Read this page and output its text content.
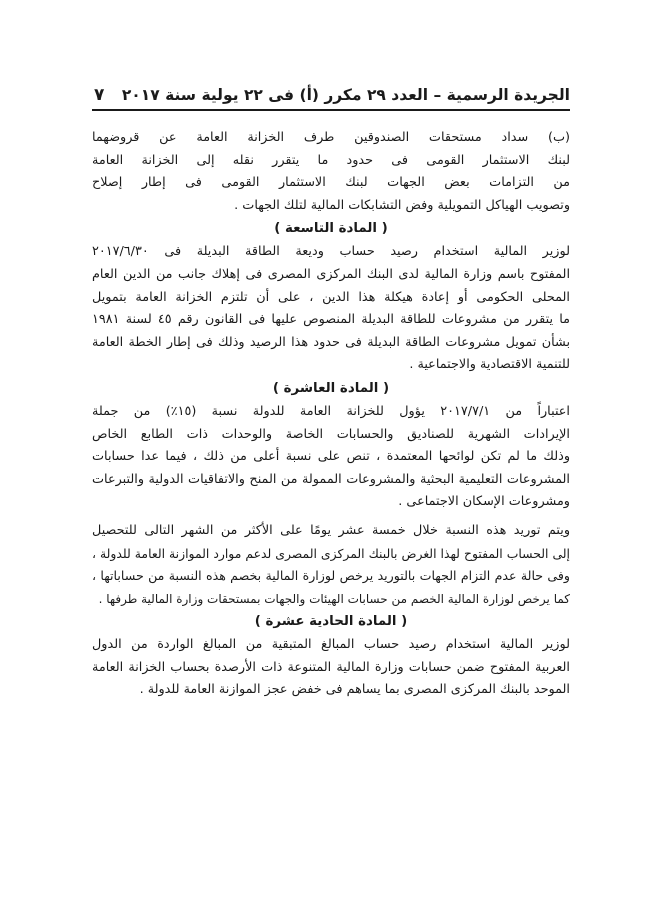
الجريدة الرسمية – العدد ٢٩ مكرر (أ) فى ٢٢ يولية سنة ٢٠١٧
٧

(ب) سداد مستحقات الصندوقين طرف الخزانة العامة عن قروضهما
لبنك الاستثمار القومى فى حدود ما يتقرر نقله إلى الخزانة العامة
من التزامات بعض الجهات لبنك الاستثمار القومى فى إطار إصلاح
وتصويب الهياكل التمويلية وفض التشابكات المالية لتلك الجهات .

( المادة التاسعة )

لوزير المالية استخدام رصيد حساب وديعة الطاقة البديلة فى ٢٠١٧/٦/٣٠
المفتوح باسم وزارة المالية لدى البنك المركزى المصرى فى إهلاك جانب من الدين العام
المحلى الحكومى أو إعادة هيكلة هذا الدين ، على أن تلتزم الخزانة العامة بتمويل
ما يتقرر من مشروعات للطاقة البديلة المنصوص عليها فى القانون رقم ٤٥ لسنة ١٩٨١
بشأن تمويل مشروعات الطاقة البديلة فى حدود هذا الرصيد وذلك فى إطار الخطة العامة
للتنمية الاقتصادية والاجتماعية .

( المادة العاشرة )

اعتباراً من ٢٠١٧/٧/١ يؤول للخزانة العامة للدولة نسبة (١٥٪) من جملة
الإيرادات الشهرية للصناديق والحسابات الخاصة والوحدات ذات الطابع الخاص
وذلك ما لم تكن لوائحها المعتمدة ، تنص على نسبة أعلى من ذلك ، فيما عدا حسابات
المشروعات التعليمية البحثية والمشروعات الممولة من المنح والاتفاقيات الدولية والتبرعات
ومشروعات الإسكان الاجتماعى .

ويتم توريد هذه النسبة خلال خمسة عشر يومًا على الأكثر من الشهر التالى للتحصيل
إلى الحساب المفتوح لهذا الغرض بالبنك المركزى المصرى لدعم موارد الموازنة العامة للدولة ،
وفى حالة عدم التزام الجهات بالتوريد يرخص لوزارة المالية بخصم هذه النسبة من حساباتها ،
كما يرخص لوزارة المالية الخصم من حسابات الهيئات والجهات بمستحقات وزارة المالية طرفها .

( المادة الحادية عشرة )

لوزير المالية استخدام رصيد حساب المبالغ المتبقية من المبالغ الواردة من الدول
العربية المفتوح ضمن حسابات وزارة المالية المتنوعة ذات الأرصدة بحساب الخزانة العامة
الموحد بالبنك المركزى المصرى بما يساهم فى خفض عجز الموازنة العامة للدولة .
